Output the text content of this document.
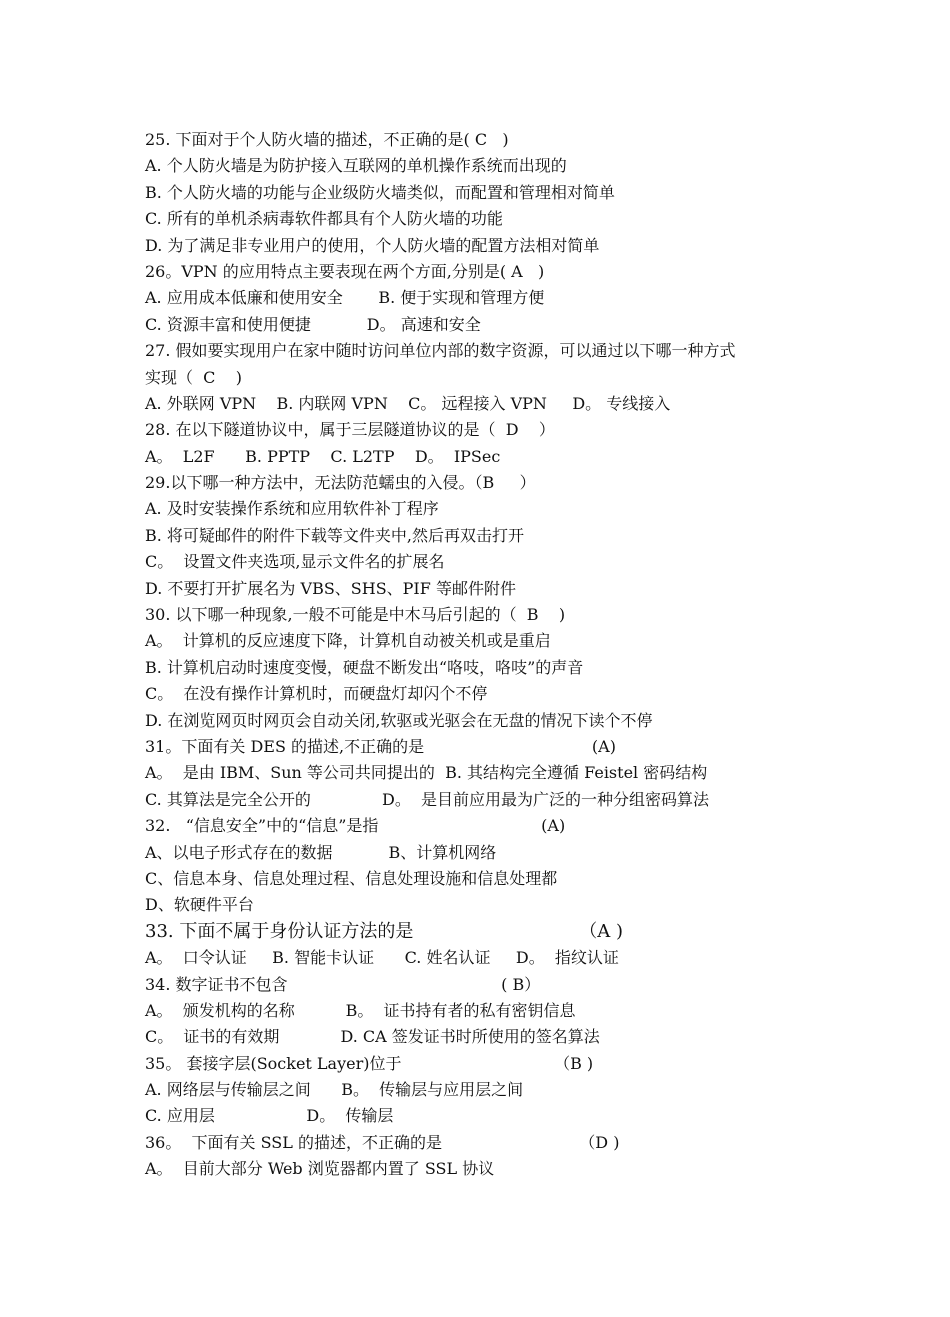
25. 下面对于个人防火墙的描述，不正确的是( C   )
A. 个人防火墙是为防护接入互联网的单机操作系统而出现的
B. 个人防火墙的功能与企业级防火墙类似，而配置和管理相对简单
C. 所有的单机杀病毒软件都具有个人防火墙的功能
D. 为了满足非专业用户的使用，个人防火墙的配置方法相对简单
26。VPN 的应用特点主要表现在两个方面,分别是( A   )
A. 应用成本低廉和使用安全       B. 便于实现和管理方便
C. 资源丰富和使用便捷           D。 高速和安全
27. 假如要实现用户在家中随时访问单位内部的数字资源，可以通过以下哪一种方式
实现（  C    )
A. 外联网 VPN    B. 内联网 VPN    C。 远程接入 VPN     D。 专线接入
28. 在以下隧道协议中，属于三层隧道协议的是（  D    ）
A。  L2F      B. PPTP    C. L2TP    D。  IPSec
29.以下哪一种方法中，无法防范蠕虫的入侵。（B     ）
A. 及时安装操作系统和应用软件补丁程序
B. 将可疑邮件的附件下载等文件夹中,然后再双击打开
C。  设置文件夹选项,显示文件名的扩展名
D. 不要打开扩展名为 VBS、SHS、PIF 等邮件附件
30. 以下哪一种现象,一般不可能是中木马后引起的（  B    )
A。  计算机的反应速度下降，计算机自动被关机或是重启
B. 计算机启动时速度变慢，硬盘不断发出“咯吱，咯吱”的声音
C。  在没有操作计算机时，而硬盘灯却闪个不停
D. 在浏览网页时网页会自动关闭,软驱或光驱会在无盘的情况下读个不停
31。下面有关 DES 的描述,不正确的是                                 (A)
A。  是由 IBM、Sun 等公司共同提出的  B. 其结构完全遵循 Feistel 密码结构
C. 其算法是完全公开的              D。  是目前应用最为广泛的一种分组密码算法
32.   “信息安全”中的“信息”是指                                (A)
A、以电子形式存在的数据           B、计算机网络
C、信息本身、信息处理过程、信息处理设施和信息处理都
D、软硬件平台
33. 下面不属于身份认证方法的是                             （A )
A。  口令认证     B. 智能卡认证      C. 姓名认证     D。  指纹认证
34. 数字证书不包含                                          ( B）
A。  颁发机构的名称          B。  证书持有者的私有密钥信息
C。  证书的有效期            D. CA 签发证书时所使用的签名算法
35。 套接字层(Socket Layer)位于                              （B )
A. 网络层与传输层之间      B。  传输层与应用层之间
C. 应用层                  D。  传输层
36。  下面有关 SSL 的描述，不正确的是                           （D )
A。  目前大部分 Web 浏览器都内置了 SSL 协议
